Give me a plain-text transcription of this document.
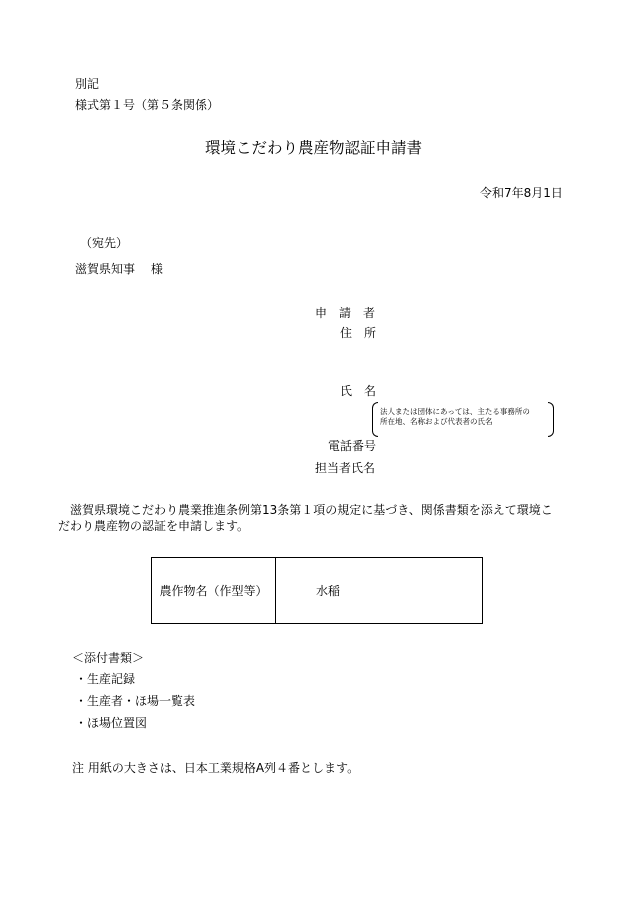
別記
様式第１号（第５条関係）
環境こだわり農産物認証申請書
令和7年8月1日
（宛先）
滋賀県知事　 様
申　請　者
住　所
氏　名
法人または団体にあっては、主たる事務所の
所在地、名称および代表者の氏名
電話番号
担当者氏名
滋賀県環境こだわり農業推進条例第13条第１項の規定に基づき、関係書類を添えて環境こ
だわり農産物の認証を申請します。
農作物名（作型等）	水稲
＜添付書類＞
・生産記録
・生産者・ほ場一覧表
・ほ場位置図
注 用紙の大きさは、日本工業規格A列４番とします。
